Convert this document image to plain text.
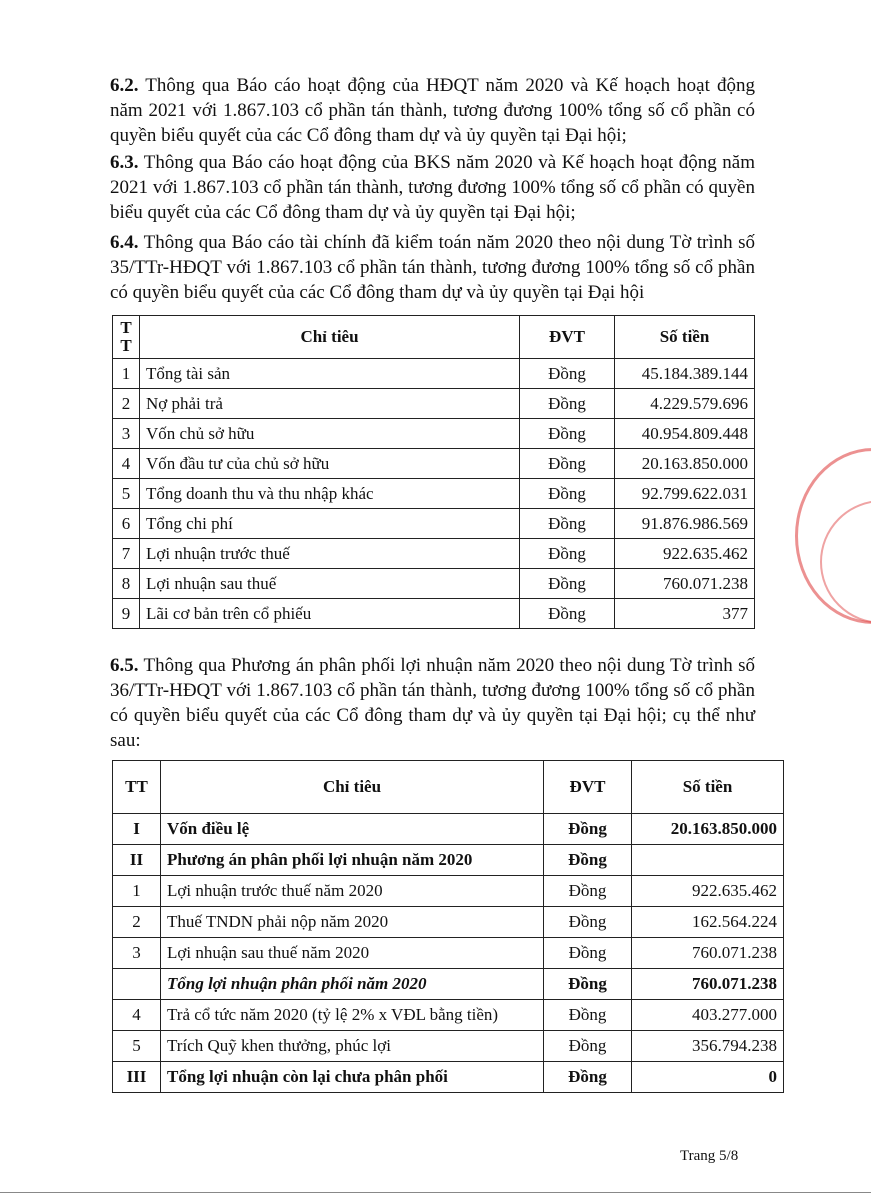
6.2. Thông qua Báo cáo hoạt động của HĐQT năm 2020 và Kế hoạch hoạt động năm 2021 với 1.867.103 cổ phần tán thành, tương đương 100% tổng số cổ phần có quyền biểu quyết của các Cổ đông tham dự và ủy quyền tại Đại hội;
6.3. Thông qua Báo cáo hoạt động của BKS năm 2020 và Kế hoạch hoạt động năm 2021 với 1.867.103 cổ phần tán thành, tương đương 100% tổng số cổ phần có quyền biểu quyết của các Cổ đông tham dự và ủy quyền tại Đại hội;
6.4. Thông qua Báo cáo tài chính đã kiểm toán năm 2020 theo nội dung Tờ trình số 35/TTr-HĐQT với 1.867.103 cổ phần tán thành, tương đương 100% tổng số cổ phần có quyền biểu quyết của các Cổ đông tham dự và ủy quyền tại Đại hội
T T	Chỉ tiêu	ĐVT	Số tiền
1	Tổng tài sản	Đồng	45.184.389.144
2	Nợ phải trả	Đồng	4.229.579.696
3	Vốn chủ sở hữu	Đồng	40.954.809.448
4	Vốn đầu tư của chủ sở hữu	Đồng	20.163.850.000
5	Tổng doanh thu và thu nhập khác	Đồng	92.799.622.031
6	Tổng chi phí	Đồng	91.876.986.569
7	Lợi nhuận trước thuế	Đồng	922.635.462
8	Lợi nhuận sau thuế	Đồng	760.071.238
9	Lãi cơ bản trên cổ phiếu	Đồng	377
6.5. Thông qua Phương án phân phối lợi nhuận năm 2020 theo nội dung Tờ trình số 36/TTr-HĐQT với 1.867.103 cổ phần tán thành, tương đương 100% tổng số cổ phần có quyền biểu quyết của các Cổ đông tham dự và ủy quyền tại Đại hội; cụ thể như sau:
TT	Chỉ tiêu	ĐVT	Số tiền
I	Vốn điều lệ	Đồng	20.163.850.000
II	Phương án phân phối lợi nhuận năm 2020	Đồng	
1	Lợi nhuận trước thuế năm 2020	Đồng	922.635.462
2	Thuế TNDN phải nộp năm 2020	Đồng	162.564.224
3	Lợi nhuận sau thuế năm 2020	Đồng	760.071.238
	Tổng lợi nhuận phân phối năm 2020	Đồng	760.071.238
4	Trả cổ tức năm 2020 (tỷ lệ 2% x VĐL bằng tiền)	Đồng	403.277.000
5	Trích Quỹ khen thưởng, phúc lợi	Đồng	356.794.238
III	Tổng lợi nhuận còn lại chưa phân phối	Đồng	0
Trang 5/8
